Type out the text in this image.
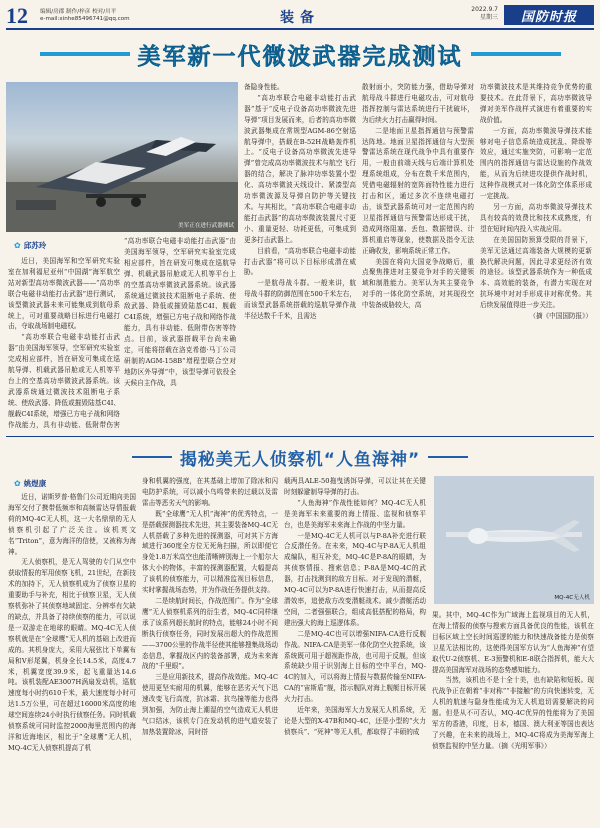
12	编辑/房郡 制作/梓彦 校对/川平
e-mail:xinhe85496741@qq.com	装备
2022.9.7
星期三	国防时报
美军新一代微波武器完成测试
美军正在进行武器测试
✿ 邱苏玲

近日，美国海军和空军研究实验室在加利福尼亚州“中国湖”海军航空站对新型高功率微波武器——“高功率联合电磁非动能打击武器”进行测试，该型微波武器未来可能集成到航母系统上，可对重要战略目标进行电磁打击，夺取战场制电磁权。

“高功率联合电磁非动能打击武器”由美国海军领导，空军研究实验室完成相应部件，旨在研发可集成在巡航导弹、机载武器吊舱或无人机等平台上的空基高功率微波武器系统。该武器系统通过微波技术阻断电子系统、使敌武器、降低或摧毁陆基C4I、舰载C4I系统，增强已方电子战和网络作战能力，具有非动能、低附带伤害

“高功率联合电磁非动能打击武器”由美国海军领导，空军研究实验室完成相应部件，旨在研发可集成在巡航导弹、机载武器吊舱或无人机等平台上的空基高功率微波武器系统。该武器系统通过微波技术阻断电子系统、使敌武器、降低或摧毁陆基C4I、舰载C4I系统，增强已方电子战和网络作战能力，具有非动能、低附带伤害等特点。目前，该武器搭载平台尚未确定，可能将搭载在洛克希德·马丁公司研制的AGM-158B“增程型联合空对地防区外导弹”中，该型导弹可依役全天候自主作战，具

备隐身性能。

“高功率联合电磁非动能打击武器”基于“反电子设备高功率微波先进导弹”项目发展而来，后者的高功率微波武器集成在常规型AGM-86空射巡航导弹中，搭载在B-52H战略轰炸机上。“反电子设备高功率微波先进导弹”曾完成高功率微波技术与航空飞行器的结合，解决了脉冲功率装置小型化、高功率微波天线设计、紧凑型高功率微波源及导弹自防护等关键技术。与其相比，“高功率联合电磁非动能打击武器”的高功率微波装置尺寸更小、重量更轻、功耗更低，可集成到更多打击武器上。

目前看，“高功率联合电磁非动能打击武器”将可以下目标形成潜在威胁。

一是航母战斗群。一般来讲，航母战斗群的防御范围在500千米左右，而该型武器系统搭载的巡航导弹作战半径达数千千米，且需达

散射面小，突防能力强，借助导弹对航母战斗群进行电磁攻击，可对航母指挥控制与雷达系统进行干扰破坏，为后续火力打击赢得时间。

二是地面卫星指挥通信与预警雷达阵地。地面卫星指挥通信与大型预警雷达系统在现代战争中具有重要作用，一般由前端天线与后端计算机处理系统组成，分布在数千米范围内，凭借电磁辐射的宽阵面特性能力进行打击和区，通过多次不连续电磁打击，该型武器系统可对一定范围内的卫星指挥通信与预警雷达形成干扰，造成网络阻塞、丢包、数据错误、计算机重启等现象，使数据及指令无法正确收发，影响系统正常工作。

美国在将向大国竞争战略后，重点聚焦推进对主要竞争对手的关键领域和制胜能力。美军认为其主要竞争对手的一体化防空系统，对其现役空中装备威胁较大，高

功率微波技术是其维持竞争优势的重要技术。在此背景下，高功率微波导弹对美军作战样式演进有着重要的实战价值。

一方面，高功率微波导弹技术能够对电子信息系统造成扰乱、降级等效应，通过实施突防，可影响一定范围内的指挥通信与雷达设施的作战效能，从而为后续进攻提供作战时机，这种作战模式对一体化防空体系形成一定挑战。

另一方面，高功率微波导弹技术具有较高的效费比和技术成熟度，有望在短时间内投入实战应用。

在美国国防预算受限的背景下，美军无法通过高端装备大规模的更新换代解决问题，因此寻求更经济有效的途径。该型武器系统作为一种低成本、高效能的装备，有潜力实现在对抗环境中对对手形成非对称优势。其后续发展值得进一步关注。

（摘《中国国防报》）

揭秘美无人侦察机“人鱼海神”
✿ 姚煜康

近日，诺斯罗普·格鲁门公司近期向美国海军交付了携带低频率和高频雷达导情报载荷的MQ-4C无人机，这一大名鼎鼎的无人侦察机引起了广泛关注。该机英文名“Triton”，意为海洋的信使，又被称为海神。

无人侦察机，是无人驾驶的专门从空中获取情报的军用侦察飞机，21世纪，在新技术的加持下，无人侦察机成为了侦察卫星的重要助手与补充，相比于侦察卫星，无人侦察机弥补了其侦察地域固定、分辨率有欠缺的缺点，并具备了持续侦察的能力，可以说是一双游走在地球的眼睛。MQ-4C无人侦察机就是在“全球鹰”无人机的基础上改进而成的。其机身庞大，采用大展弦比下单翼布局和V形尾翼，机身全长14.5米，高度4.7米，机翼宽度39.9米，起飞重量达14.6吨。该机装配AE3007H涡扇发动机，巡航速度每小时约610千米，最大速度每小时可达1.5万公里，可在超过16000米高度的地球空间连续24小时执行侦察任务。同时机载侦察系统可同时监控2000海里范围内的海洋和近海地区，相比于“全球鹰”无人机，MQ-4C无人侦察机提高了机

身和机翼的强度，在其基础上增加了除冰和闪电防护系统，可以减小鸟鸣带来的过载以及雷雷击等恶劣天气的影响。

既“全球鹰”无人机“海神”的优秀特点，一是搭载探测器技术先进，其主要装备MQ-4C无人机搭载了多种先进的探测器，可对其下方海域进行360度全方位无死角扫描，所以即便它身处1.8万米高空也能清晰辨别海上一个船尔大体大小的物体，丰富的探测器配置，大幅提高了该机的侦察能力，可以精准监视目标信息，实时掌握战场态势，并为作战任务提供支持。

二是续航时间长，作战范围广。作为“全球鹰”无人侦察机系列的衍生者，MQ-4C同样继承了该系列超长航时的特点，能够24小时不间断执行侦察任务，同时发展出超大的作战范围——3700公里的作战半径使其能够搜集战场动态信息，掌握战区内的装备部署，成为未来海战的“千里眼”。

三是应用新技术，提高作战效能。MQ-4C使用更坚实耐用的机翼，能够在恶劣天气下迅速改变飞行高度，抗冰霜、抗鸟撞等能力也得到加强，为防止海上潮湿的空气造成无人机进气口结冰，该机专门在发动机的进气道安装了加热装置除冰，同时搭

载两具ALE-50拖曳诱饵导弹，可以让其在关键时刻躲避制导导弹的打击。

“人鱼海神”作战性能如何？MQ-4C无人机是美海军未来重要的海上情报、监视和侦察平台，也是美海军未来海上作战的中坚力量。

一是MQ-4C无人机可以与P-8A补充进行联合反潜任务。在未来，MQ-4C与P-8A无人机组成编队，相互补充，MQ-4C是P-8A的眼睛，为其侦察情报、搜索信息；P-8A是MQ-4C的武器，打击找测到的敌方目标。对于发现的潜艇，MQ-4C可以为P-8A进行快速打击，从而提高反潜效率，追使敌方改变潜艇战术。减少潜艇活动空间，二者强强联合，组成高低搭配的格局，构建出强大的海上巡逻体系。

二是MQ-4C也可以增强NIFA-CA进行反舰作战。NIFA-CA是美军一体化防空火控系统，该系统既可用于超视距作战，也可用于反舰，但该系统缺少用于识别海上目标的空中平台，MQ-4C的加入，可以将海上情报与数据传输至NIFA-CA的“宙斯盾”舰，指示舰队对海上舰艇目标开展火力打击。

近年来，美国海军大力发展无人机系统，无论是大型的X-47B和MQ-4C，还是小型的“火力侦察兵”、“死神”等无人机，都取得了丰硕的成

MQ-4C无人机

果。其中，MQ-4C作为广域海上监视项目的无人机，在海上情报的侦察与搜索方面具备优良的性能，该机在目标区域上空长时间巡逻的能力和快速战备能力是侦察卫星无法相比的，这使得美国军方认为“人鱼海神”有望取代U-2侦察机、E-3预警机和E-8联合指挥机，能大大提高美国海军对战场的态势感知能力。

当然，该机也不是十全十美，也有缺陷和短板。现代战争正在朝着“非对称”“非接触”的方向快速转变，无人机的航速与隐身性能成为无人机追切需要解决的问题。但是从不可否认，MQ-4C优异的性能将为了美国军方的香港，印度，日本，德国、澳大利亚等国也表达了兴趣，在未来的战场上，MQ-4C将成为美海军海上侦察监视的中坚力量。（摘《光明军事》）
